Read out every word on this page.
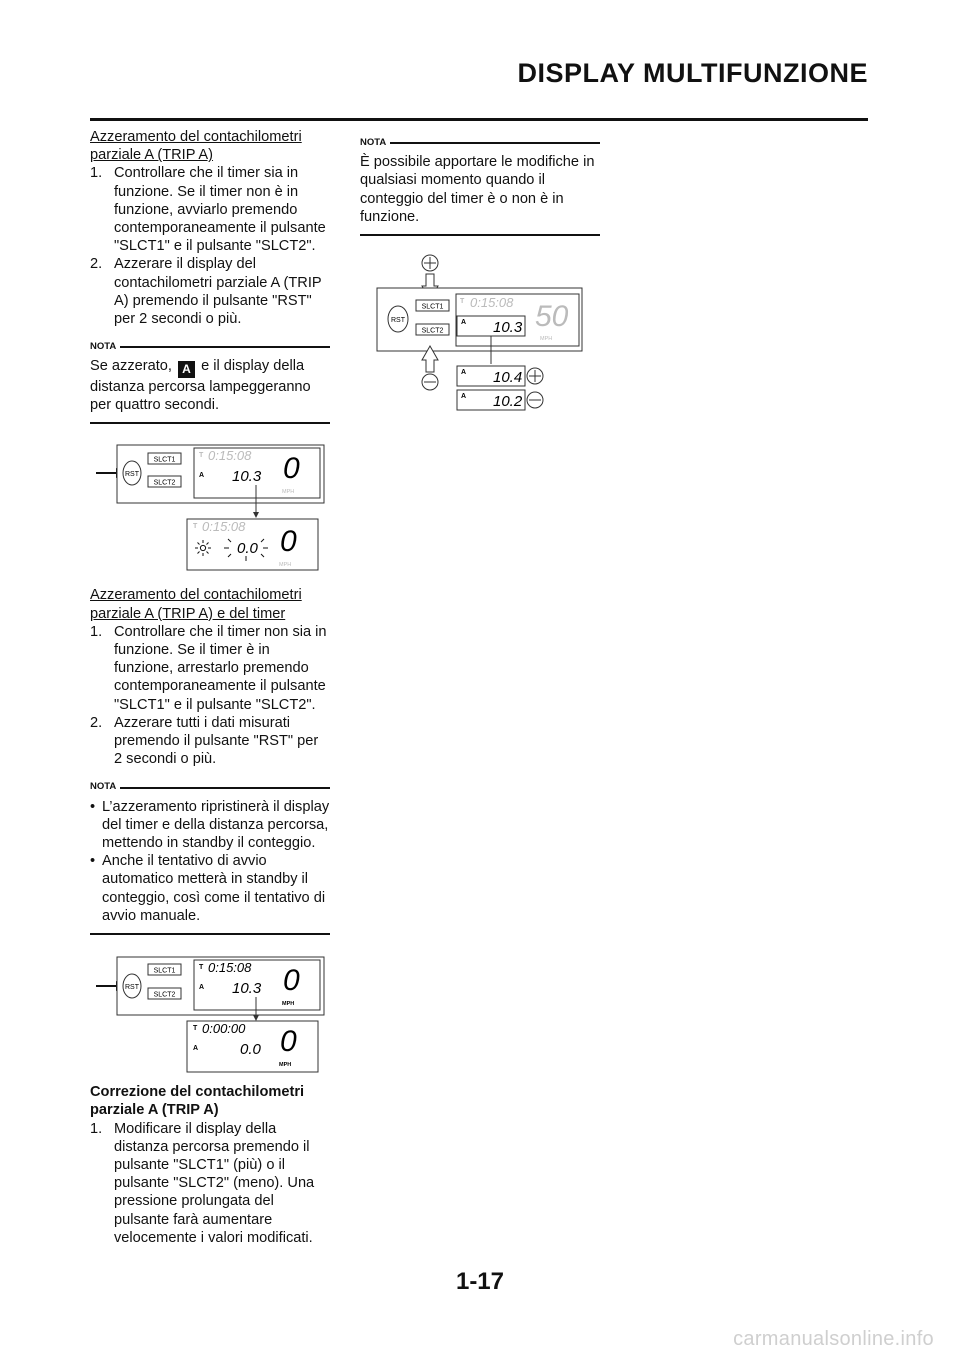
DISPLAY MULTIFUNZIONE

Azzeramento del contachilometri parziale A (TRIP A)

1. Controllare che il timer sia in funzione. Se il timer non è in funzione, avviarlo premendo contemporaneamente il pulsante "SLCT1" e il pulsante "SLCT2".
2. Azzerare il display del contachilometri parziale A (TRIP A) premendo il pulsante "RST" per 2 secondi o più.
NOTA
Se azzerato, A e il display della distanza percorsa lampeggeranno per quattro secondi.
RST
SLCT1
SLCT2
T 0:15:08
A 10.3 0
MPH
T 0:15:08
0.0 0
MPH

Azzeramento del contachilometri parziale A (TRIP A) e del timer

1. Controllare che il timer non sia in funzione. Se il timer è in funzione, arrestarlo premendo contemporaneamente il pulsante "SLCT1" e il pulsante "SLCT2".
2. Azzerare tutti i dati misurati premendo il pulsante "RST" per 2 secondi o più.
NOTA
• L’azzeramento ripristinerà il display del timer e della distanza percorsa, mettendo in standby il conteggio.
• Anche il tentativo di avvio automatico metterà in standby il conteggio, così come il tentativo di avvio manuale.
RST
SLCT1
SLCT2
T 0:15:08
A 10.3 0
MPH
T 0:00:00
A	0.0 0
MPH

Correzione del contachilometri parziale A (TRIP A)

1. Modificare il display della distanza percorsa premendo il pulsante "SLCT1" (più) o il pulsante "SLCT2" (meno). Una pressione prolungata del pulsante farà aumentare velocemente i valori modificati.
NOTA
È possibile apportare le modifiche in qualsiasi momento quando il conteggio del timer è o non è in funzione.
RST
SLCT1
SLCT2
T 0:15:08
A 10.3 50
MPH
A 10.4
A 10.2
1-17
carmanualsonline.info
